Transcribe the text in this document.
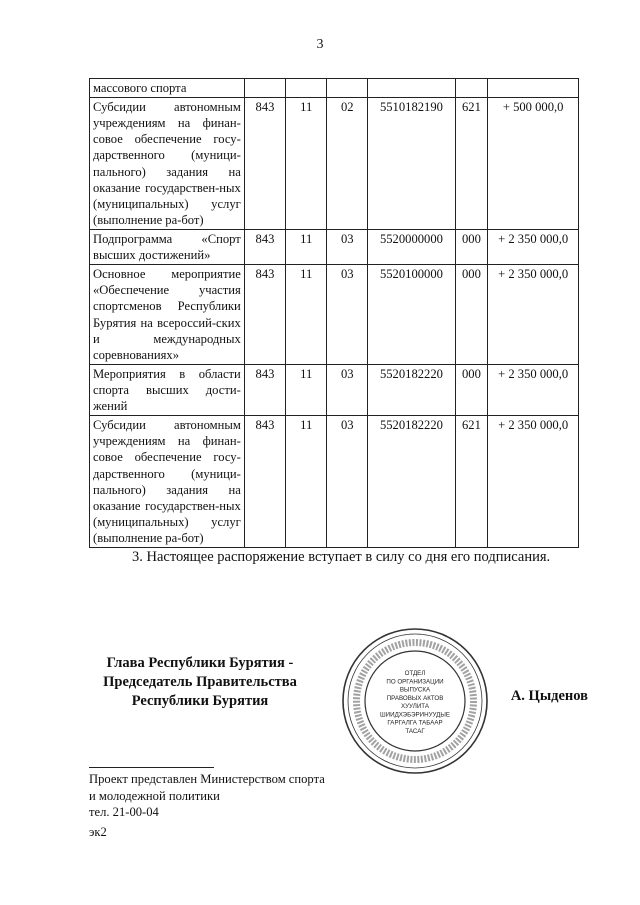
3
массового спорта						
Субсидии автономным учреждениям на финан-совое обеспечение госу-дарственного (муници-пального) задания на оказание государствен-ных (муниципальных) услуг (выполнение ра-бот)	843	11	02	5510182190	621	+ 500 000,0
Подпрограмма «Спорт высших достижений»	843	11	03	5520000000	000	+ 2 350 000,0
Основное мероприятие «Обеспечение участия спортсменов Республики Бурятия на всероссий-ских и международных соревнованиях»	843	11	03	5520100000	000	+ 2 350 000,0
Мероприятия в области спорта высших дости-жений	843	11	03	5520182220	000	+ 2 350 000,0
Субсидии автономным учреждениям на финан-совое обеспечение госу-дарственного (муници-пального) задания на оказание государствен-ных (муниципальных) услуг (выполнение ра-бот)	843	11	03	5520182220	621	+ 2 350 000,0
3. Настоящее распоряжение вступает в силу со дня его подписания.
Глава Республики Бурятия -
Председатель Правительства
Республики Бурятия
ОТДЕЛ
ПО ОРГАНИЗАЦИИ
ВЫПУСКА
ПРАВОВЫХ АКТОВ
ХУУЛИТА
ШИИДХЭБЭРИНУУДЫЕ
ГАРГАЛГА ТАБААР
ТАСАГ
А. Цыденов
Проект представлен Министерством спорта
и молодежной политики
тел. 21-00-04
эк2
